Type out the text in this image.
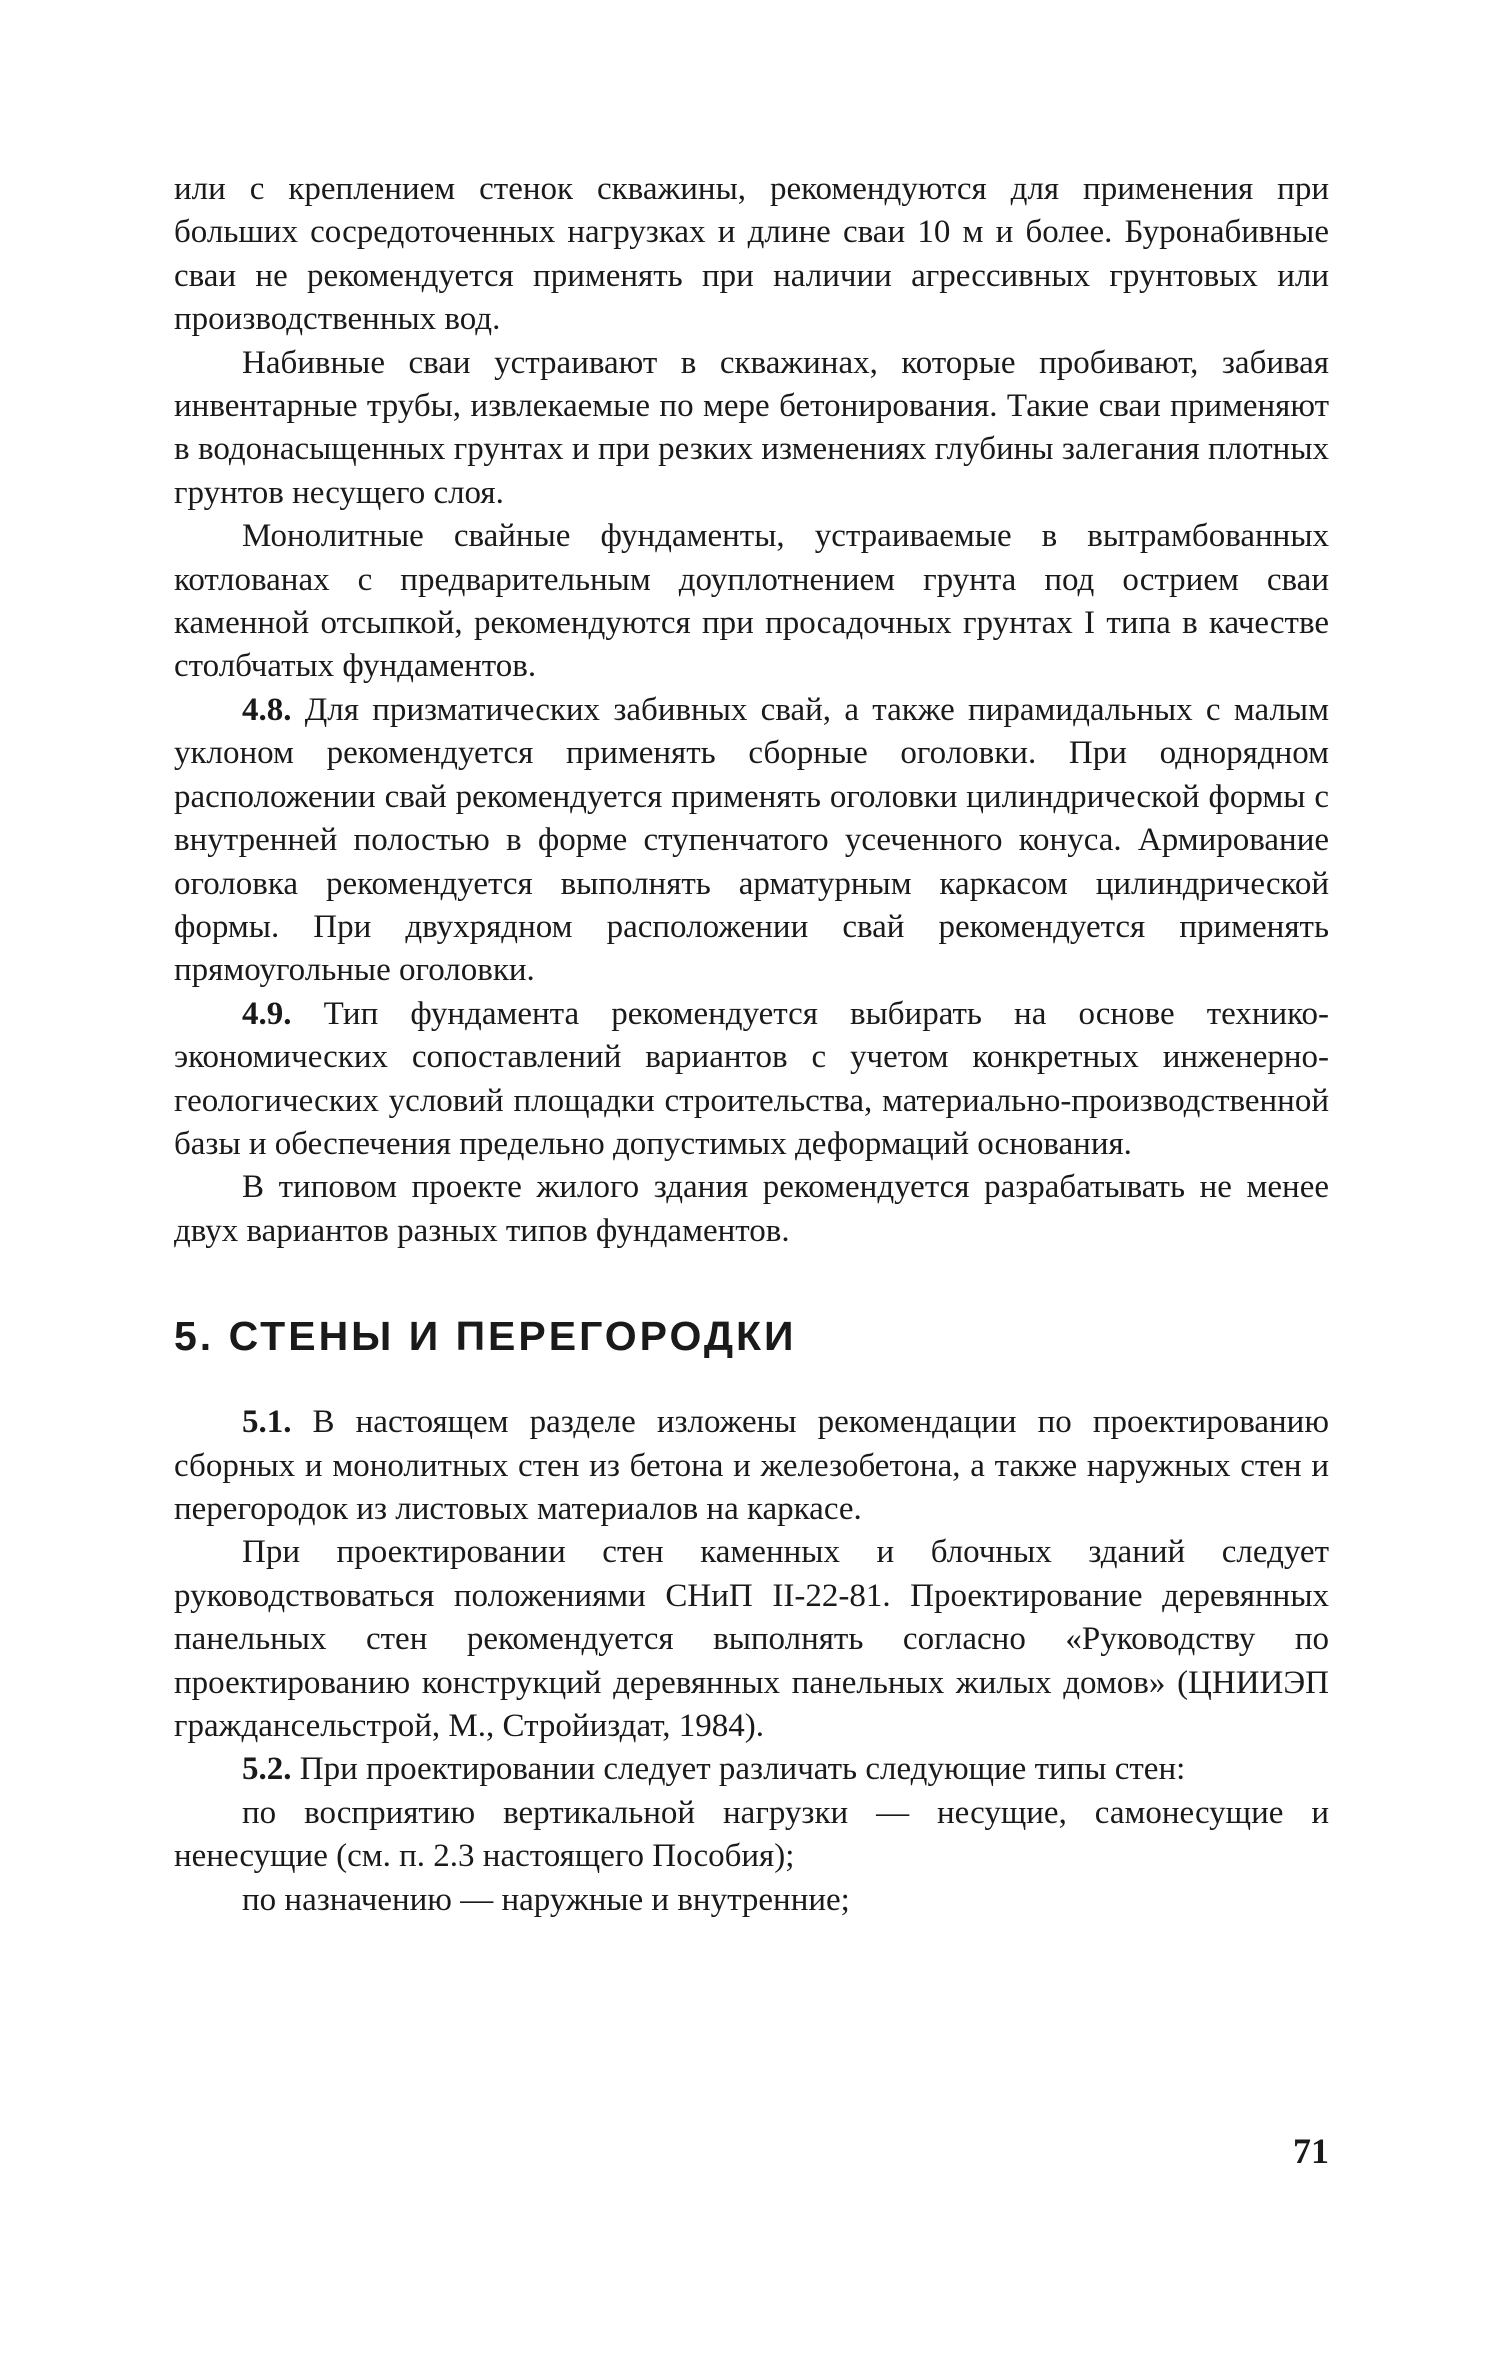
или с креплением стенок скважины, рекомендуются для применения при больших сосредоточенных нагрузках и длине сваи 10 м и более. Буронабивные сваи не рекомендуется применять при наличии агрессивных грунтовых или производственных вод.

Набивные сваи устраивают в скважинах, которые пробивают, забивая инвентарные трубы, извлекаемые по мере бетонирования. Такие сваи применяют в водонасыщенных грунтах и при резких изменениях глубины залегания плотных грунтов несущего слоя.

Монолитные свайные фундаменты, устраиваемые в вытрамбованных котлованах с предварительным доуплотнением грунта под острием сваи каменной отсыпкой, рекомендуются при просадочных грунтах I типа в качестве столбчатых фундаментов.

4.8. Для призматических забивных свай, а также пирамидальных с малым уклоном рекомендуется применять сборные оголовки. При однорядном расположении свай рекомендуется применять оголовки цилиндрической формы с внутренней полостью в форме ступенчатого усеченного конуса. Армирование оголовка рекомендуется выполнять арматурным каркасом цилиндрической формы. При двухрядном расположении свай рекомендуется применять прямоугольные оголовки.

4.9. Тип фундамента рекомендуется выбирать на основе технико-экономических сопоставлений вариантов с учетом конкретных инженерно-геологических условий площадки строительства, материально-производственной базы и обеспечения предельно допустимых деформаций основания.

В типовом проекте жилого здания рекомендуется разрабатывать не менее двух вариантов разных типов фундаментов.

5. СТЕНЫ И ПЕРЕГОРОДКИ

5.1. В настоящем разделе изложены рекомендации по проектированию сборных и монолитных стен из бетона и железобетона, а также наружных стен и перегородок из листовых материалов на каркасе.

При проектировании стен каменных и блочных зданий следует руководствоваться положениями СНиП II-22-81. Проектирование деревянных панельных стен рекомендуется выполнять согласно «Руководству по проектированию конструкций деревянных панельных жилых домов» (ЦНИИЭП граждансельстрой, М., Стройиздат, 1984).

5.2. При проектировании следует различать следующие типы стен:

по восприятию вертикальной нагрузки — несущие, самонесущие и ненесущие (см. п. 2.3 настоящего Пособия);

по назначению — наружные и внутренние;

71
